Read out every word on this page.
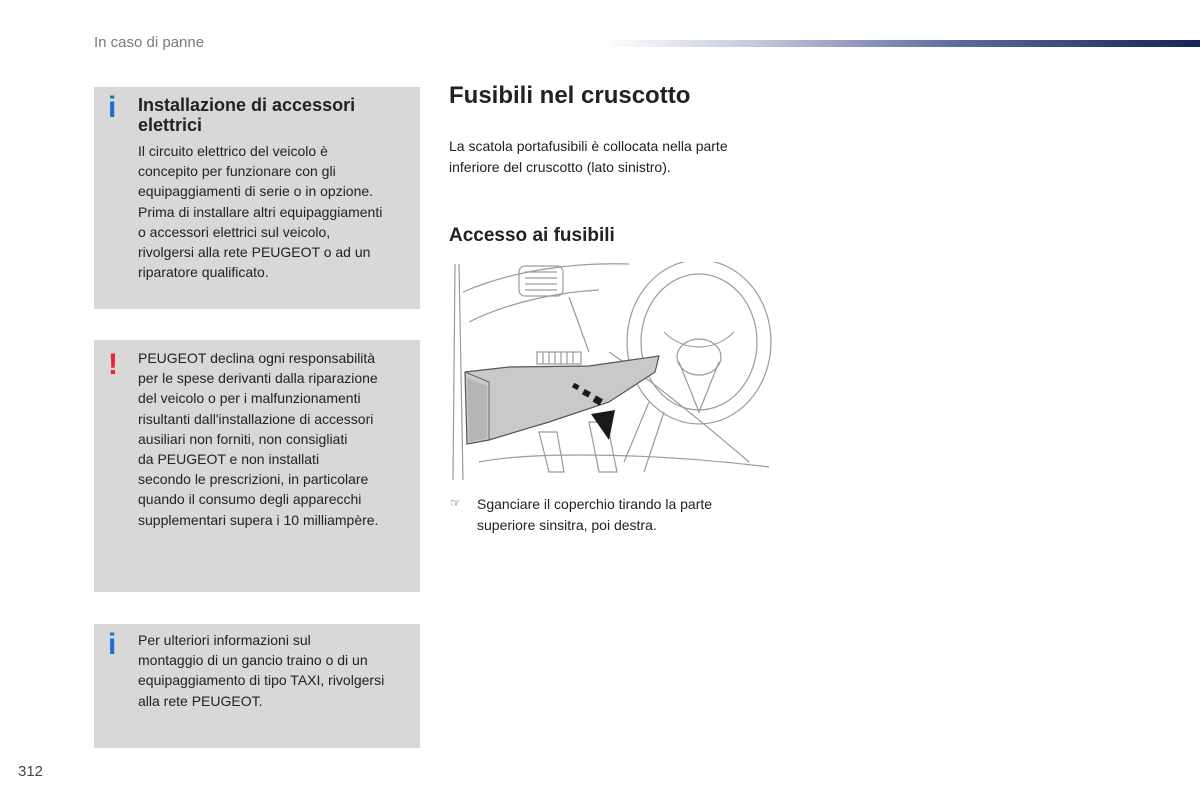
In caso di panne
i Installazione di accessori
elettrici
Il circuito elettrico del veicolo è
concepito per funzionare con gli
equipaggiamenti di serie o in opzione.
Prima di installare altri equipaggiamenti
o accessori elettrici sul veicolo,
rivolgersi alla rete PEUGEOT o ad un
riparatore qualificato.
! PEUGEOT declina ogni responsabilità
per le spese derivanti dalla riparazione
del veicolo o per i malfunzionamenti
risultanti dall'installazione di accessori
ausiliari non forniti, non consigliati
da PEUGEOT e non installati
secondo le prescrizioni, in particolare
quando il consumo degli apparecchi
supplementari supera i 10 milliampère.
i Per ulteriori informazioni sul
montaggio di un gancio traino o di un
equipaggiamento di tipo TAXI, rivolgersi
alla rete PEUGEOT.
Fusibili nel cruscotto
La scatola portafusibili è collocata nella parte
inferiore del cruscotto (lato sinistro).
Accesso ai fusibili
☞ Sganciare il coperchio tirando la parte
superiore sinsitra, poi destra.
312
